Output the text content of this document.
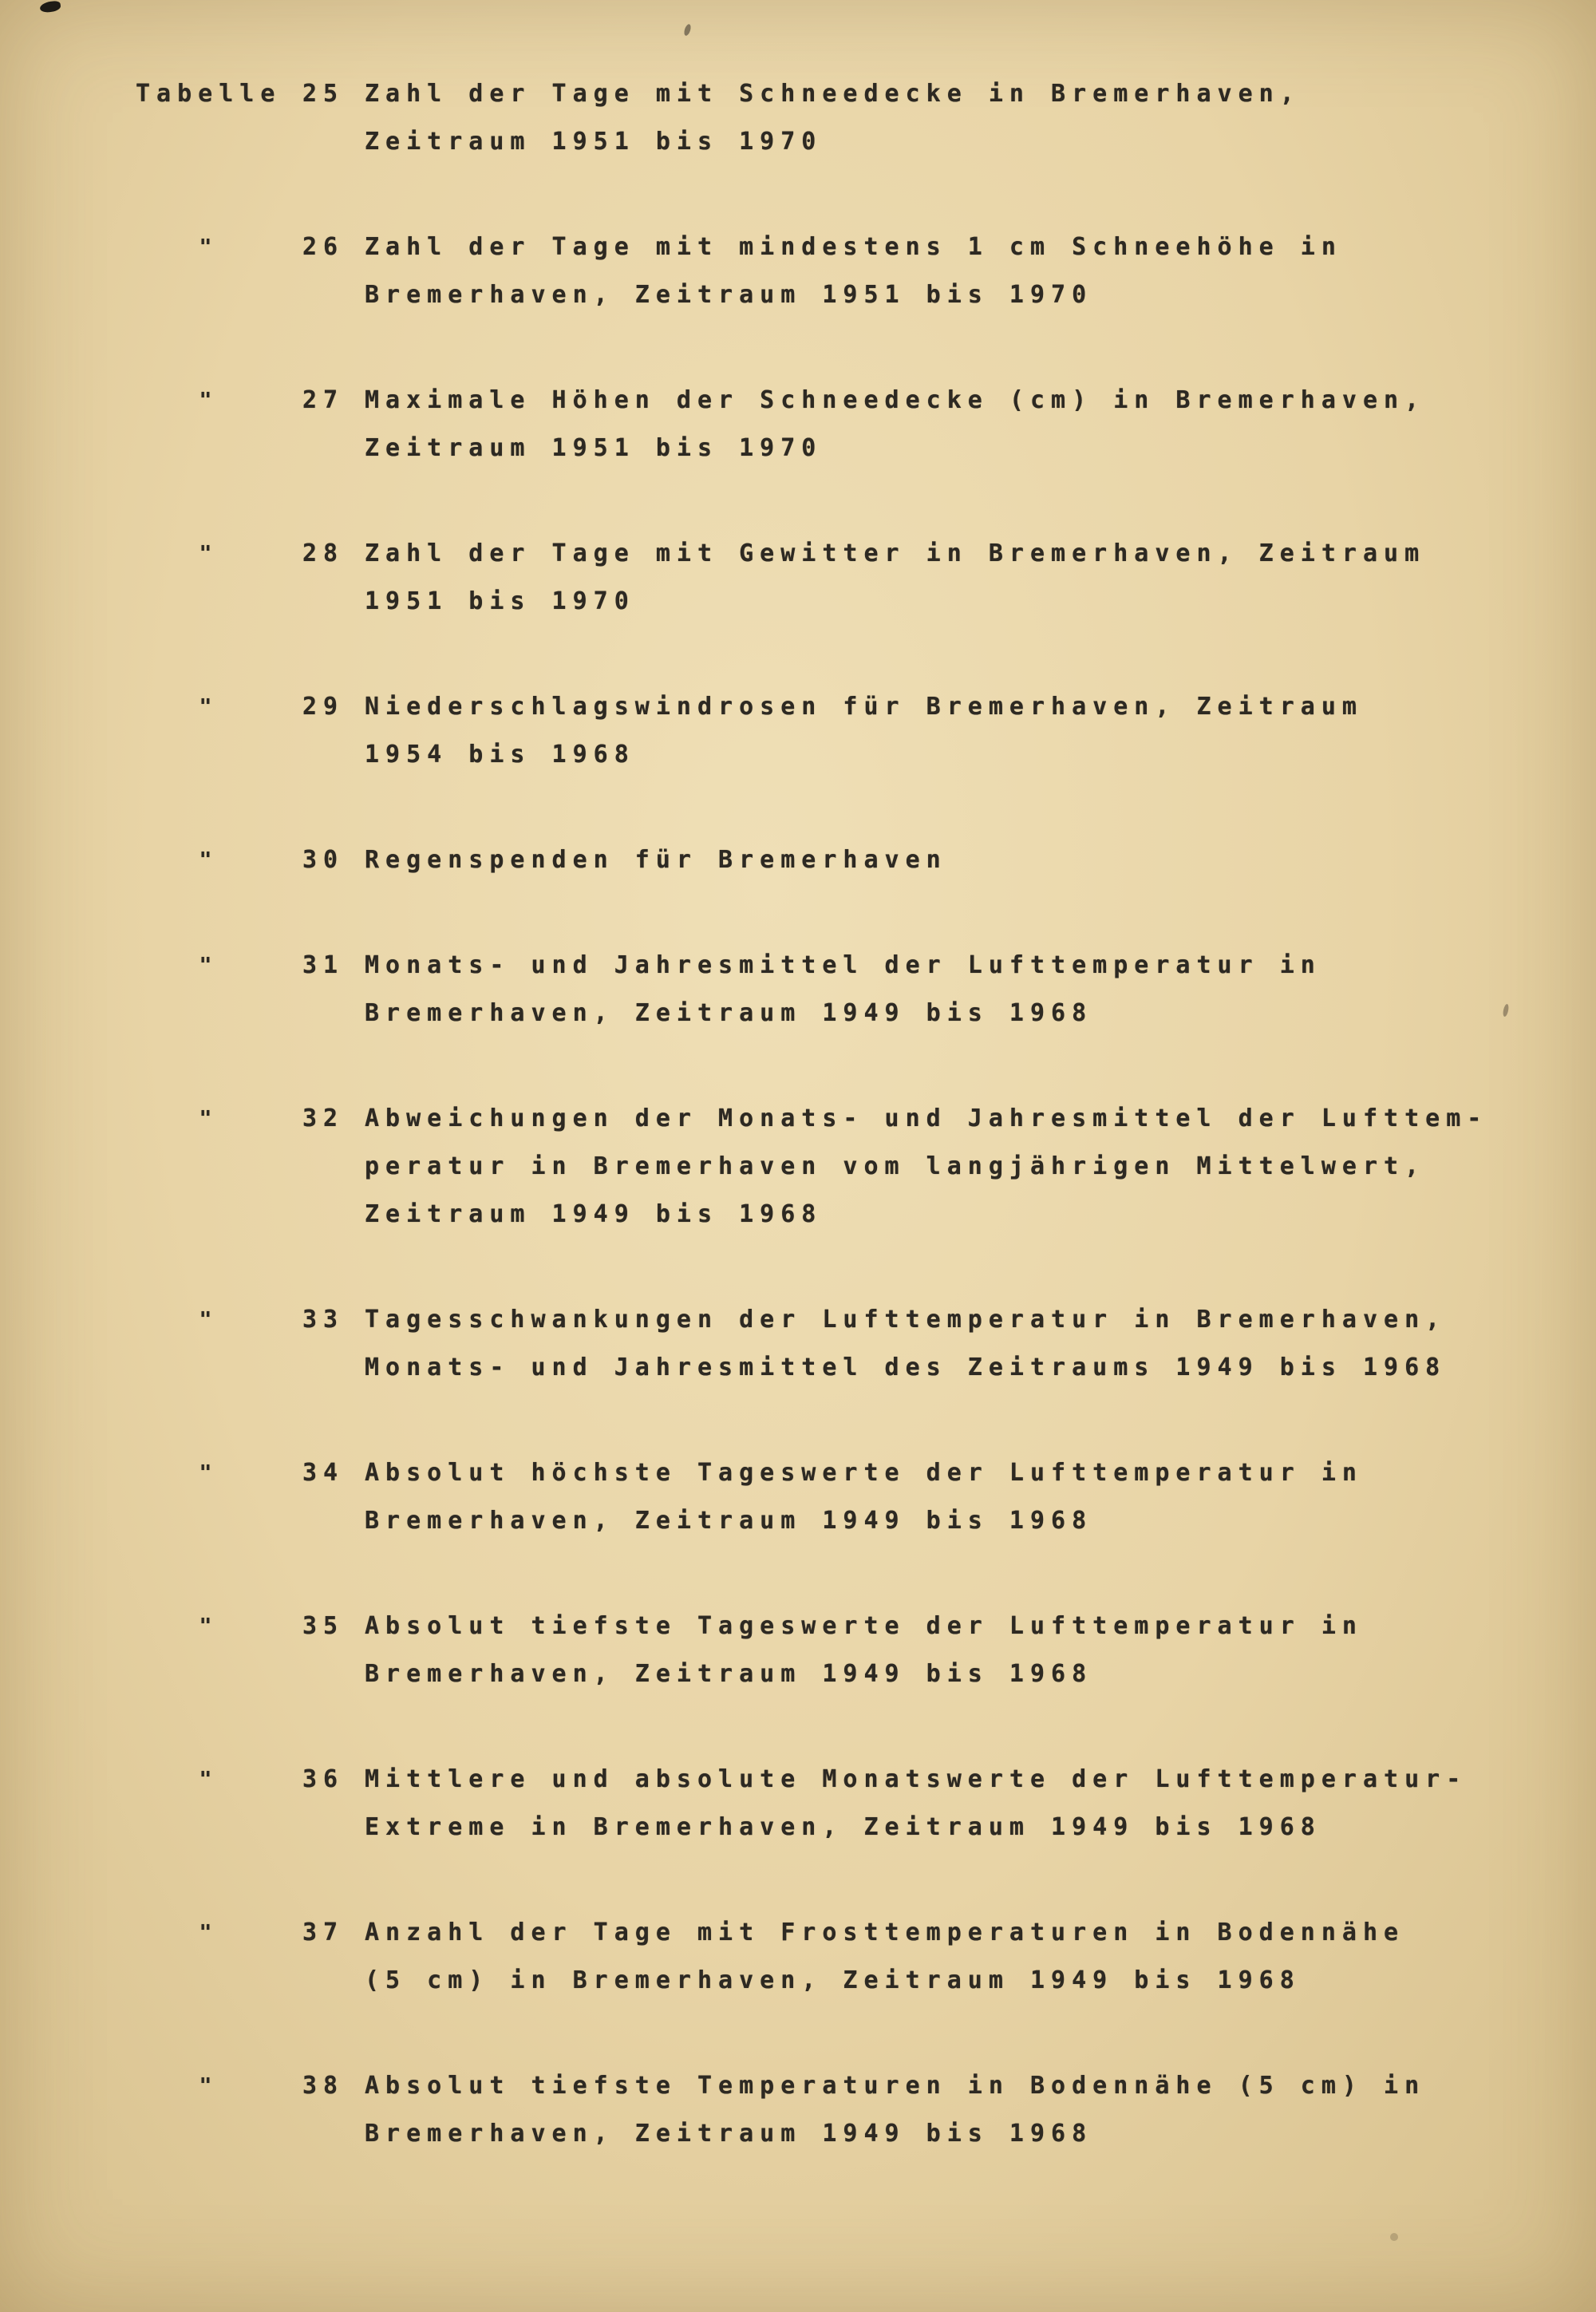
Tabelle 25 Zahl der Tage mit Schneedecke in Bremerhaven,
Zeitraum 1951 bis 1970
"	26 Zahl der Tage mit mindestens 1 cm Schneehöhe in
Bremerhaven, Zeitraum 1951 bis 1970
"	27 Maximale Höhen der Schneedecke (cm) in Bremerhaven,
Zeitraum 1951 bis 1970
"	28 Zahl der Tage mit Gewitter in Bremerhaven, Zeitraum
1951 bis 1970
"	29 Niederschlagswindrosen für Bremerhaven, Zeitraum
1954 bis 1968
"	30 Regenspenden für Bremerhaven
"	31 Monats- und Jahresmittel der Lufttemperatur in
Bremerhaven, Zeitraum 1949 bis 1968
"	32 Abweichungen der Monats- und Jahresmittel der Lufttem-
peratur in Bremerhaven vom langjährigen Mittelwert,
Zeitraum 1949 bis 1968
"	33 Tagesschwankungen der Lufttemperatur in Bremerhaven,
Monats- und Jahresmittel des Zeitraums 1949 bis 1968
"	34 Absolut höchste Tageswerte der Lufttemperatur in
Bremerhaven, Zeitraum 1949 bis 1968
"	35 Absolut tiefste Tageswerte der Lufttemperatur in
Bremerhaven, Zeitraum 1949 bis 1968
"	36 Mittlere und absolute Monatswerte der Lufttemperatur-
Extreme in Bremerhaven, Zeitraum 1949 bis 1968
"	37 Anzahl der Tage mit Frosttemperaturen in Bodennähe
(5 cm) in Bremerhaven, Zeitraum 1949 bis 1968
"	38 Absolut tiefste Temperaturen in Bodennähe (5 cm) in
Bremerhaven, Zeitraum 1949 bis 1968
